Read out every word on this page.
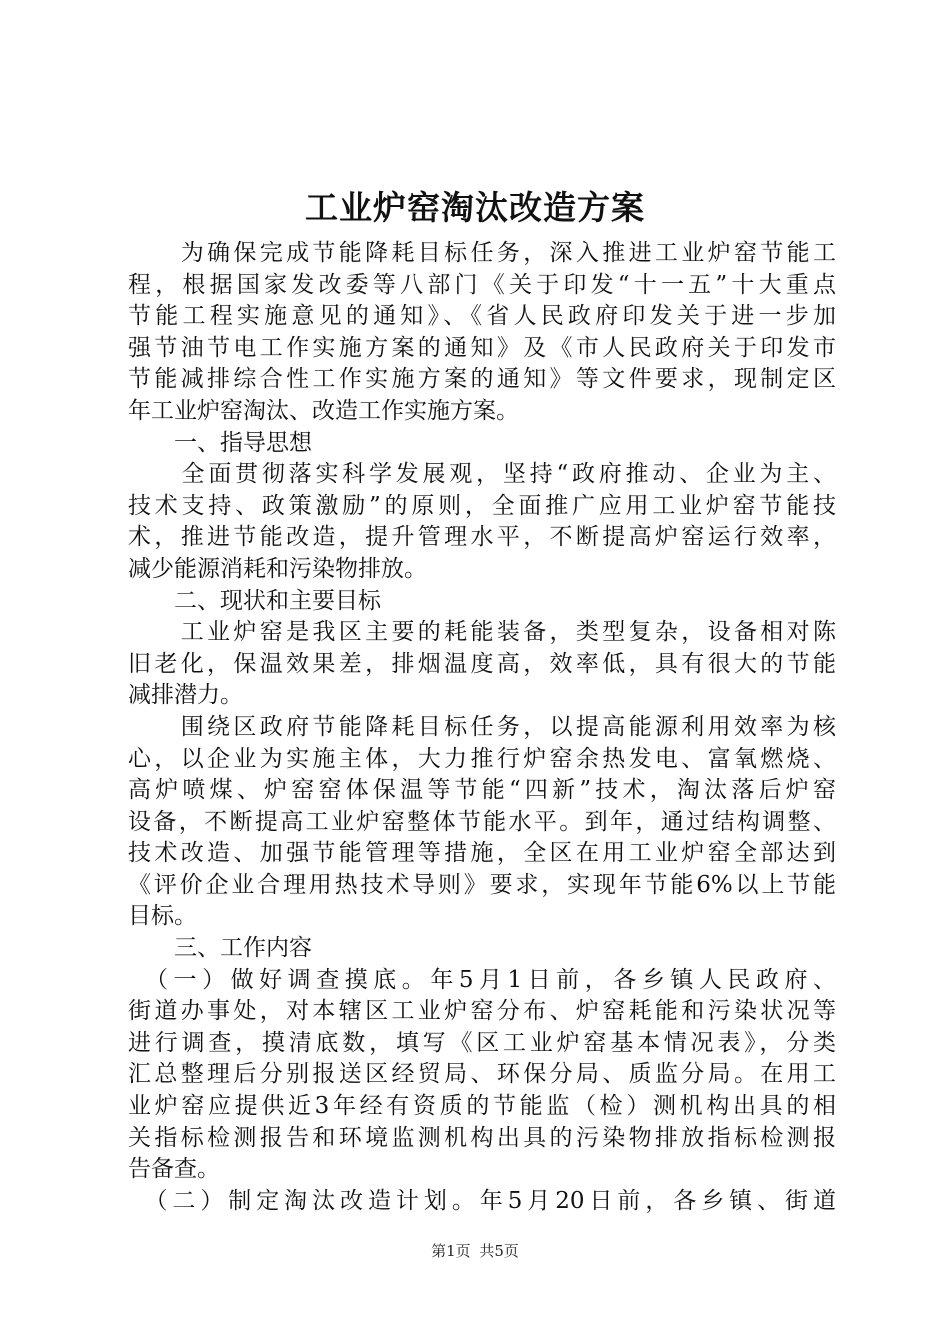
工业炉窑淘汰改造方案
　　为确保完成节能降耗目标任务，深入推进工业炉窑节能工
程，根据国家发改委等八部门《关于印发“十一五”十大重点
节能工程实施意见的通知》、《省人民政府印发关于进一步加
强节油节电工作实施方案的通知》及《市人民政府关于印发市
节能减排综合性工作实施方案的通知》等文件要求，现制定区
年工业炉窑淘汰、改造工作实施方案。
　　一、指导思想
　　全面贯彻落实科学发展观，坚持“政府推动、企业为主、
技术支持、政策激励”的原则，全面推广应用工业炉窑节能技
术，推进节能改造，提升管理水平，不断提高炉窑运行效率，
减少能源消耗和污染物排放。
　　二、现状和主要目标
　　工业炉窑是我区主要的耗能装备，类型复杂，设备相对陈
旧老化，保温效果差，排烟温度高，效率低，具有很大的节能
减排潜力。
　　围绕区政府节能降耗目标任务，以提高能源利用效率为核
心，以企业为实施主体，大力推行炉窑余热发电、富氧燃烧、
高炉喷煤、炉窑窑体保温等节能“四新”技术，淘汰落后炉窑
设备，不断提高工业炉窑整体节能水平。到年，通过结构调整、
技术改造、加强节能管理等措施，全区在用工业炉窑全部达到
《评价企业合理用热技术导则》要求，实现年节能6%以上节能
目标。
　　三、工作内容
　（一）做好调查摸底。年5月1日前，各乡镇人民政府、
街道办事处，对本辖区工业炉窑分布、炉窑耗能和污染状况等
进行调查，摸清底数，填写《区工业炉窑基本情况表》，分类
汇总整理后分别报送区经贸局、环保分局、质监分局。在用工
业炉窑应提供近3年经有资质的节能监（检）测机构出具的相
关指标检测报告和环境监测机构出具的污染物排放指标检测报
告备查。
　（二）制定淘汰改造计划。年5月20日前，各乡镇、街道
第1页 共5页
